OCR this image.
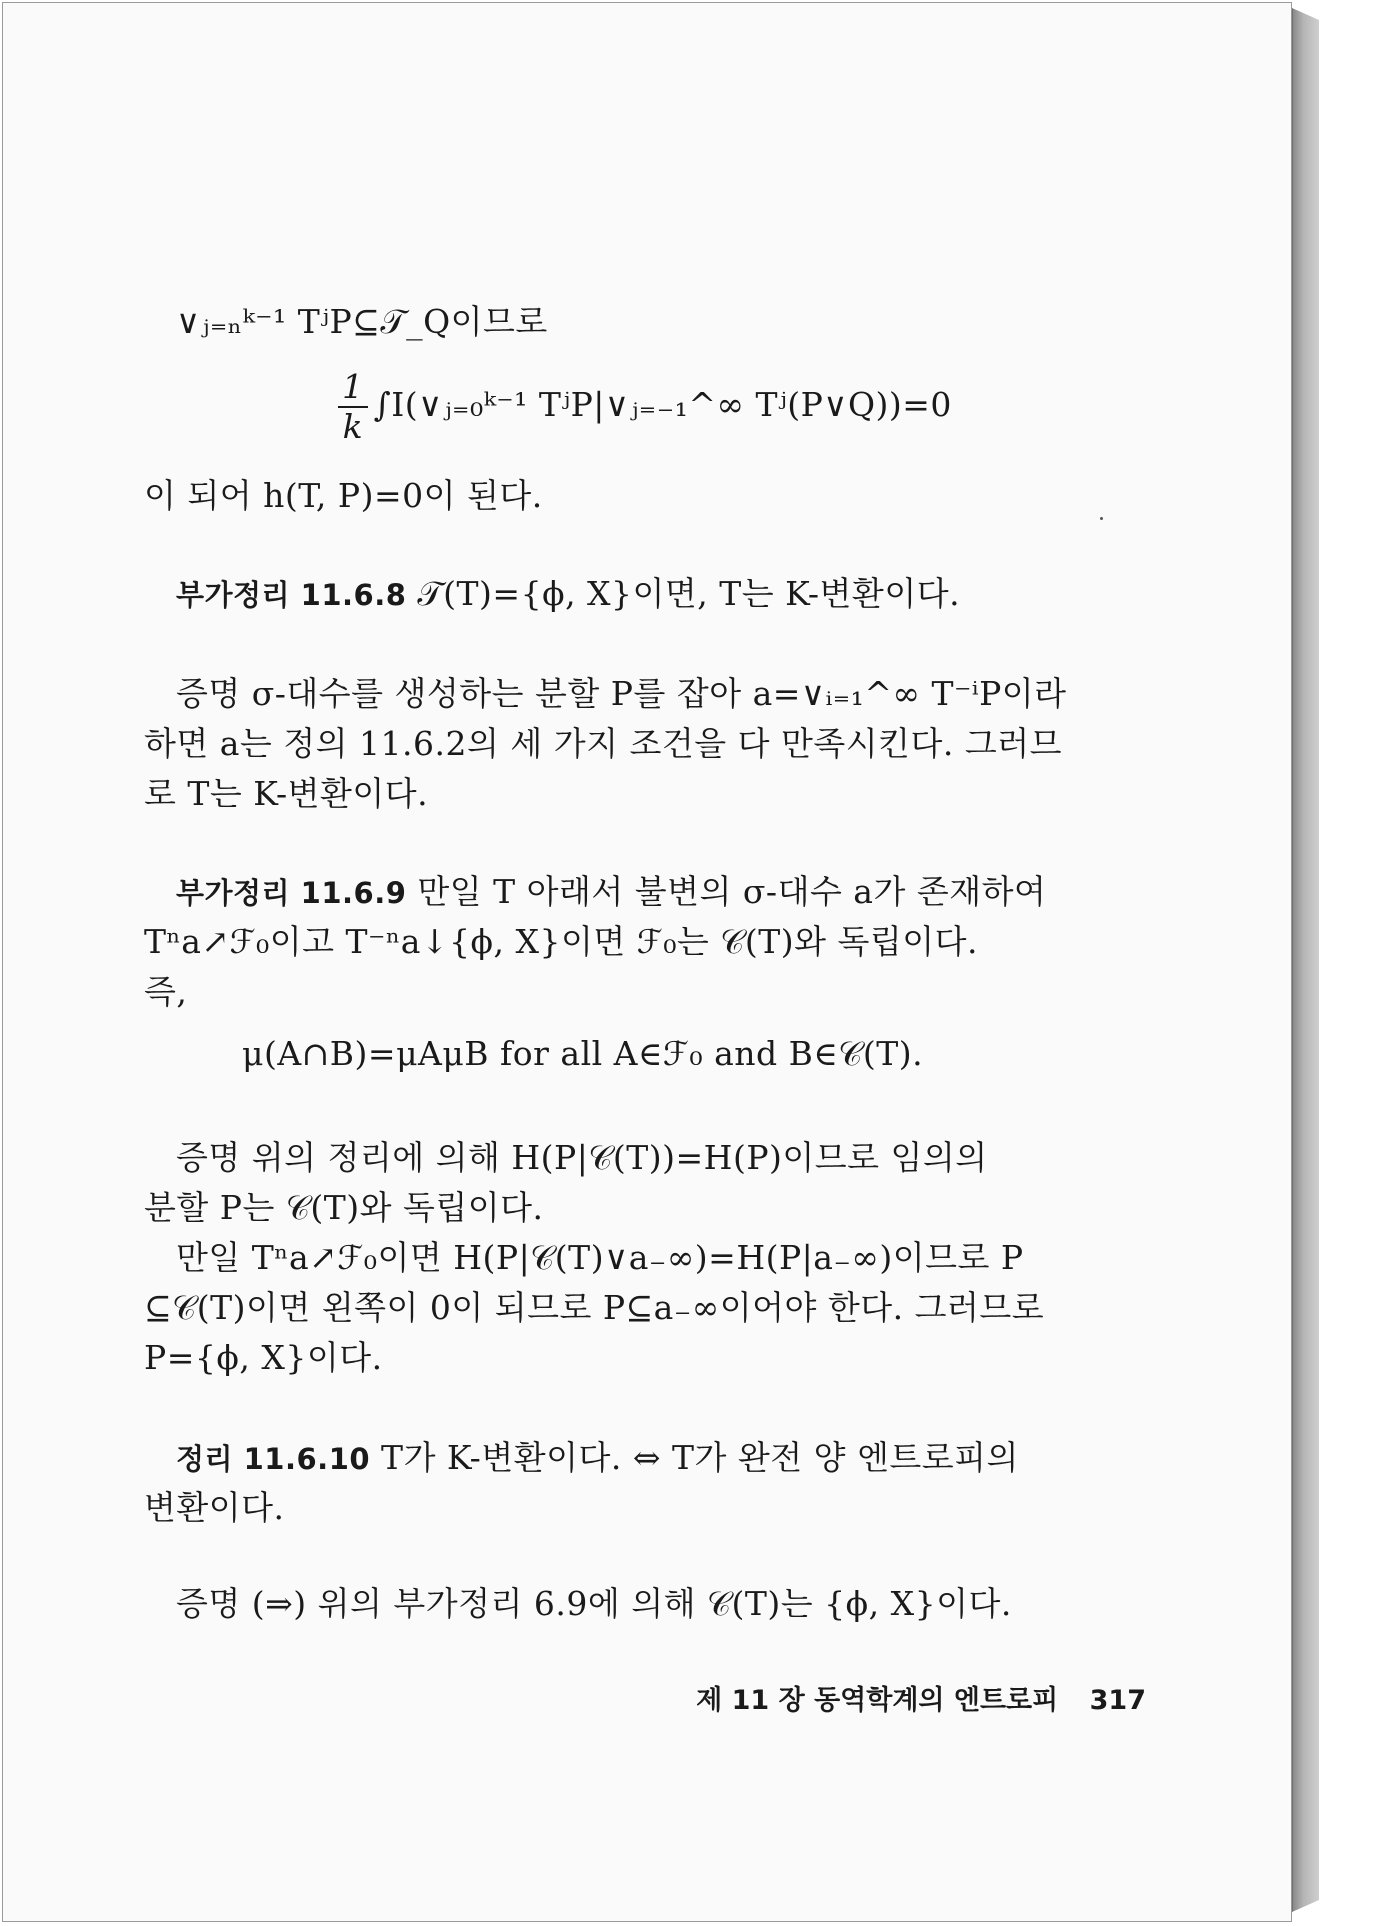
∨ⱼ₌ₙᵏ⁻¹ TʲP⊆𝒯_Q이므로
$\frac{1}{k}$ ∫I(∨ⱼ₌₀ᵏ⁻¹ TʲP|∨ⱼ₌₋₁^∞ Tʲ(P∨Q))=0
이 되어 h(T, P)=0이 된다.
부가정리 11.6.8 𝒯(T)={ϕ, X}이면, T는 K-변환이다.
증명 σ-대수를 생성하는 분할 P를 잡아 a=∨ᵢ₌₁^∞ T⁻ⁱP이라
하면 a는 정의 11.6.2의 세 가지 조건을 다 만족시킨다. 그러므
로 T는 K-변환이다.
부가정리 11.6.9 만일 T 아래서 불변의 σ-대수 a가 존재하여
Tⁿa↗ℱ₀이고 T⁻ⁿa↓{ϕ, X}이면 ℱ₀는 𝒞(T)와 독립이다.
즉,
μ(A∩B)=μAμB for all A∈ℱ₀ and B∈𝒞(T).
증명 위의 정리에 의해 H(P|𝒞(T))=H(P)이므로 임의의
분할 P는 𝒞(T)와 독립이다.
만일 Tⁿa↗ℱ₀이면 H(P|𝒞(T)∨a₋∞)=H(P|a₋∞)이므로 P
⊆𝒞(T)이면 왼쪽이 0이 되므로 P⊆a₋∞이어야 한다. 그러므로
P={ϕ, X}이다.
정리 11.6.10 T가 K-변환이다. ⇔ T가 완전 양 엔트로피의
변환이다.
증명 (⇒) 위의 부가정리 6.9에 의해 𝒞(T)는 {ϕ, X}이다.
제 11 장 동역학계의 엔트로피 317
